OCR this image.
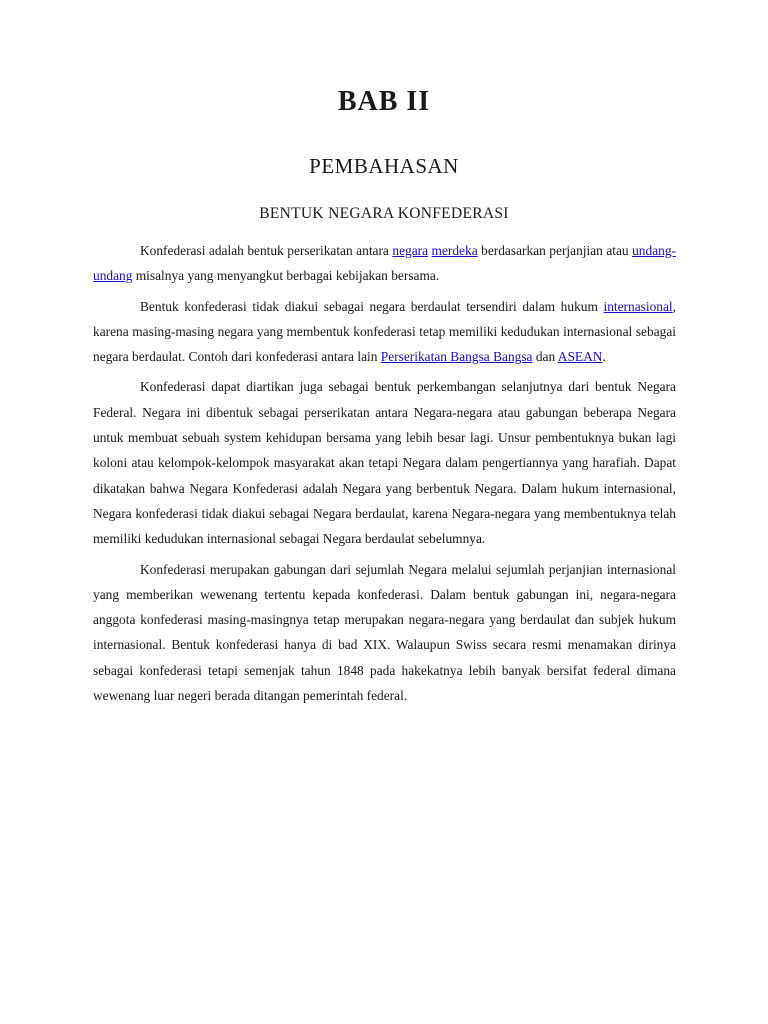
BAB II
PEMBAHASAN
BENTUK NEGARA KONFEDERASI

Konfederasi adalah bentuk perserikatan antara negara merdeka berdasarkan perjanjian atau undang-undang misalnya yang menyangkut berbagai kebijakan bersama.

Bentuk konfederasi tidak diakui sebagai negara berdaulat tersendiri dalam hukum internasional, karena masing-masing negara yang membentuk konfederasi tetap memiliki kedudukan internasional sebagai negara berdaulat. Contoh dari konfederasi antara lain Perserikatan Bangsa Bangsa dan ASEAN.

Konfederasi dapat diartikan juga sebagai bentuk perkembangan selanjutnya dari bentuk Negara Federal. Negara ini dibentuk sebagai perserikatan antara Negara-negara atau gabungan beberapa Negara untuk membuat sebuah system kehidupan bersama yang lebih besar lagi. Unsur pembentuknya bukan lagi koloni atau kelompok-kelompok masyarakat akan tetapi Negara dalam pengertiannya yang harafiah. Dapat dikatakan bahwa Negara Konfederasi adalah Negara yang berbentuk Negara. Dalam hukum internasional, Negara konfederasi tidak diakui sebagai Negara berdaulat, karena Negara-negara yang membentuknya telah memiliki kedudukan internasional sebagai Negara berdaulat sebelumnya.

Konfederasi merupakan gabungan dari sejumlah Negara melalui sejumlah perjanjian internasional yang memberikan wewenang tertentu kepada konfederasi. Dalam bentuk gabungan ini, negara-negara anggota konfederasi masing-masingnya tetap merupakan negara-negara yang berdaulat dan subjek hukum internasional. Bentuk konfederasi hanya di bad XIX. Walaupun Swiss secara resmi menamakan dirinya sebagai konfederasi tetapi semenjak tahun 1848 pada hakekatnya lebih banyak bersifat federal dimana wewenang luar negeri berada ditangan pemerintah federal.
